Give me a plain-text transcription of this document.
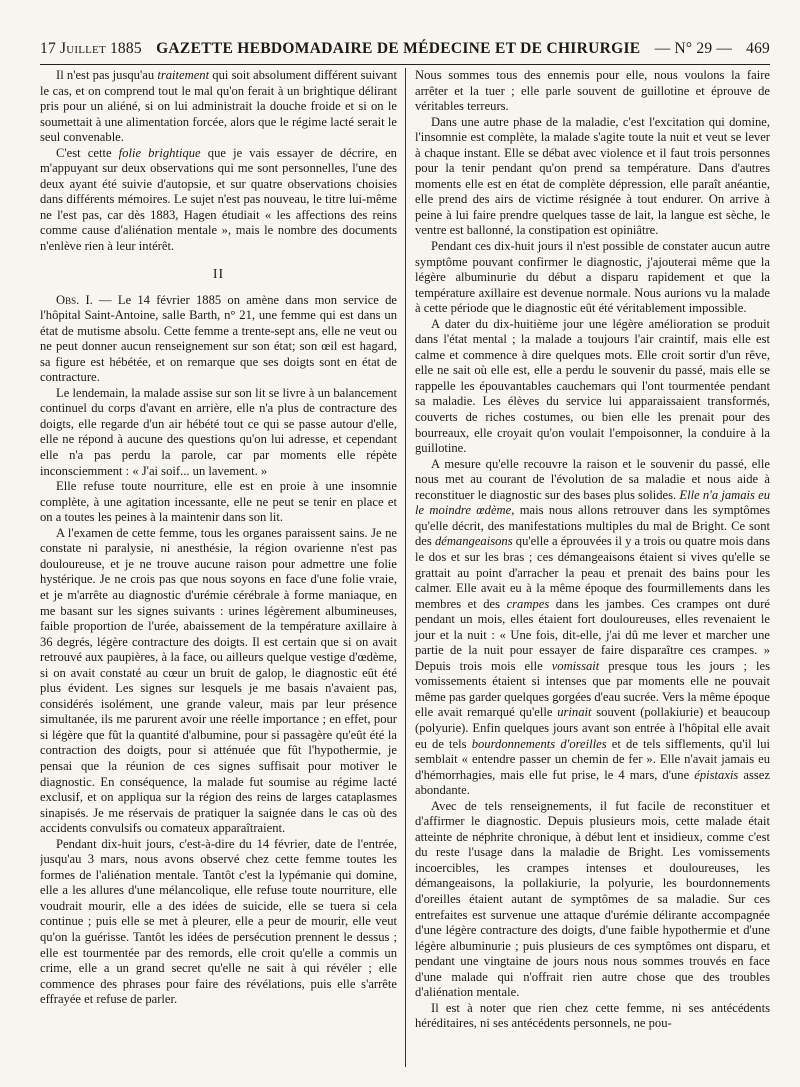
17 Juillet 1885 GAZETTE HEBDOMADAIRE DE MÉDECINE ET DE CHIRURGIE — N° 29 — 469

Il n'est pas jusqu'au traitement qui soit absolument différent suivant le cas, et on comprend tout le mal qu'on ferait à un brightique délirant pris pour un aliéné, si on lui administrait la douche froide et si on le soumettait à une alimentation forcée, alors que le régime lacté serait le seul convenable.

C'est cette folie brightique que je vais essayer de décrire, en m'appuyant sur deux observations qui me sont personnelles, l'une des deux ayant été suivie d'autopsie, et sur quatre observations choisies dans différents mémoires. Le sujet n'est pas nouveau, le titre lui-même ne l'est pas, car dès 1883, Hagen étudiait « les affections des reins comme cause d'aliénation mentale », mais le nombre des documents n'enlève rien à leur intérêt.

II

Obs. I. — Le 14 février 1885 on amène dans mon service de l'hôpital Saint-Antoine, salle Barth, n° 21, une femme qui est dans un état de mutisme absolu. Cette femme a trente-sept ans, elle ne veut ou ne peut donner aucun renseignement sur son état; son œil est hagard, sa figure est hébétée, et on remarque que ses doigts sont en état de contracture.

Le lendemain, la malade assise sur son lit se livre à un balancement continuel du corps d'avant en arrière, elle n'a plus de contracture des doigts, elle regarde d'un air hébété tout ce qui se passe autour d'elle, elle ne répond à aucune des questions qu'on lui adresse, et cependant elle n'a pas perdu la parole, car par moments elle répète inconsciemment : « J'ai soif... un lavement. »

Elle refuse toute nourriture, elle est en proie à une insomnie complète, à une agitation incessante, elle ne peut se tenir en place et on a toutes les peines à la maintenir dans son lit.

A l'examen de cette femme, tous les organes paraissent sains. Je ne constate ni paralysie, ni anesthésie, la région ovarienne n'est pas douloureuse, et je ne trouve aucune raison pour admettre une folie hystérique. Je ne crois pas que nous soyons en face d'une folie vraie, et je m'arrête au diagnostic d'urémie cérébrale à forme maniaque, en me basant sur les signes suivants : urines légèrement albumineuses, faible proportion de l'urée, abaissement de la température axillaire à 36 degrés, légère contracture des doigts. Il est certain que si on avait retrouvé aux paupières, à la face, ou ailleurs quelque vestige d'œdème, si on avait constaté au cœur un bruit de galop, le diagnostic eût été plus évident. Les signes sur lesquels je me basais n'avaient pas, considérés isolément, une grande valeur, mais par leur présence simultanée, ils me parurent avoir une réelle importance ; en effet, pour si légère que fût la quantité d'albumine, pour si passagère qu'eût été la contraction des doigts, pour si atténuée que fût l'hypothermie, je pensai que la réunion de ces signes suffisait pour motiver le diagnostic. En conséquence, la malade fut soumise au régime lacté exclusif, et on appliqua sur la région des reins de larges cataplasmes sinapisés. Je me réservais de pratiquer la saignée dans le cas où des accidents convulsifs ou comateux apparaîtraient.

Pendant dix-huit jours, c'est-à-dire du 14 février, date de l'entrée, jusqu'au 3 mars, nous avons observé chez cette femme toutes les formes de l'aliénation mentale. Tantôt c'est la lypémanie qui domine, elle a les allures d'une mélancolique, elle refuse toute nourriture, elle voudrait mourir, elle a des idées de suicide, elle se tuera si cela continue ; puis elle se met à pleurer, elle a peur de mourir, elle veut qu'on la guérisse. Tantôt les idées de persécution prennent le dessus ; elle est tourmentée par des remords, elle croit qu'elle a commis un crime, elle a un grand secret qu'elle ne sait à qui révéler ; elle commence des phrases pour faire des révélations, puis elle s'arrête effrayée et refuse de parler.

Nous sommes tous des ennemis pour elle, nous voulons la faire arrêter et la tuer ; elle parle souvent de guillotine et éprouve de véritables terreurs.

Dans une autre phase de la maladie, c'est l'excitation qui domine, l'insomnie est complète, la malade s'agite toute la nuit et veut se lever à chaque instant. Elle se débat avec violence et il faut trois personnes pour la tenir pendant qu'on prend sa température. Dans d'autres moments elle est en état de complète dépression, elle paraît anéantie, elle prend des airs de victime résignée à tout endurer. On arrive à peine à lui faire prendre quelques tasse de lait, la langue est sèche, le ventre est ballonné, la constipation est opiniâtre.

Pendant ces dix-huit jours il n'est possible de constater aucun autre symptôme pouvant confirmer le diagnostic, j'ajouterai même que la légère albuminurie du début a disparu rapidement et que la température axillaire est devenue normale. Nous aurions vu la malade à cette période que le diagnostic eût été véritablement impossible.

A dater du dix-huitième jour une légère amélioration se produit dans l'état mental ; la malade a toujours l'air craintif, mais elle est calme et commence à dire quelques mots. Elle croit sortir d'un rêve, elle ne sait où elle est, elle a perdu le souvenir du passé, mais elle se rappelle les épouvantables cauchemars qui l'ont tourmentée pendant sa maladie. Les élèves du service lui apparaissaient transformés, couverts de riches costumes, ou bien elle les prenait pour des bourreaux, elle croyait qu'on voulait l'empoisonner, la conduire à la guillotine.

A mesure qu'elle recouvre la raison et le souvenir du passé, elle nous met au courant de l'évolution de sa maladie et nous aide à reconstituer le diagnostic sur des bases plus solides. Elle n'a jamais eu le moindre œdème, mais nous allons retrouver dans les symptômes qu'elle décrit, des manifestations multiples du mal de Bright. Ce sont des démangeaisons qu'elle a éprouvées il y a trois ou quatre mois dans le dos et sur les bras ; ces démangeaisons étaient si vives qu'elle se grattait au point d'arracher la peau et prenait des bains pour les calmer. Elle avait eu à la même époque des fourmillements dans les membres et des crampes dans les jambes. Ces crampes ont duré pendant un mois, elles étaient fort douloureuses, elles revenaient le jour et la nuit : « Une fois, dit-elle, j'ai dû me lever et marcher une partie de la nuit pour essayer de faire disparaître ces crampes. » Depuis trois mois elle vomissait presque tous les jours ; les vomissements étaient si intenses que par moments elle ne pouvait même pas garder quelques gorgées d'eau sucrée. Vers la même époque elle avait remarqué qu'elle urinait souvent (pollakiurie) et beaucoup (polyurie). Enfin quelques jours avant son entrée à l'hôpital elle avait eu de tels bourdonnements d'oreilles et de tels sifflements, qu'il lui semblait « entendre passer un chemin de fer ». Elle n'avait jamais eu d'hémorrhagies, mais elle fut prise, le 4 mars, d'une épistaxis assez abondante.

Avec de tels renseignements, il fut facile de reconstituer et d'affirmer le diagnostic. Depuis plusieurs mois, cette malade était atteinte de néphrite chronique, à début lent et insidieux, comme c'est du reste l'usage dans la maladie de Bright. Les vomissements incoercibles, les crampes intenses et douloureuses, les démangeaisons, la pollakiurie, la polyurie, les bourdonnements d'oreilles étaient autant de symptômes de sa maladie. Sur ces entrefaites est survenue une attaque d'urémie délirante accompagnée d'une légère contracture des doigts, d'une faible hypothermie et d'une légère albuminurie ; puis plusieurs de ces symptômes ont disparu, et pendant une vingtaine de jours nous nous sommes trouvés en face d'une malade qui n'offrait rien autre chose que des troubles d'aliénation mentale.

Il est à noter que rien chez cette femme, ni ses antécédents héréditaires, ni ses antécédents personnels, ne pou-
